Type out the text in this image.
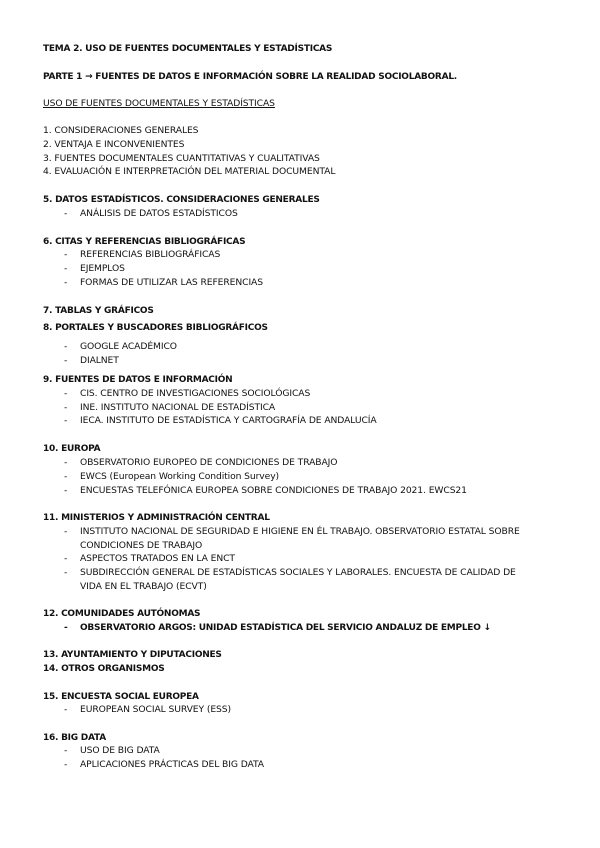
TEMA 2. USO DE FUENTES DOCUMENTALES Y ESTADÍSTICAS
PARTE 1 → FUENTES DE DATOS E INFORMACIÓN SOBRE LA REALIDAD SOCIOLABORAL.
USO DE FUENTES DOCUMENTALES Y ESTADÍSTICAS
1. CONSIDERACIONES GENERALES
2. VENTAJA E INCONVENIENTES
3. FUENTES DOCUMENTALES CUANTITATIVAS Y CUALITATIVAS
4. EVALUACIÓN E INTERPRETACIÓN DEL MATERIAL DOCUMENTAL
5. DATOS ESTADÍSTICOS. CONSIDERACIONES GENERALES
- ANÁLISIS DE DATOS ESTADÍSTICOS
6. CITAS Y REFERENCIAS BIBLIOGRÁFICAS
- REFERENCIAS BIBLIOGRÁFICAS
- EJEMPLOS
- FORMAS DE UTILIZAR LAS REFERENCIAS
7. TABLAS Y GRÁFICOS
8. PORTALES Y BUSCADORES BIBLIOGRÁFICOS
- GOOGLE ACADÉMICO
- DIALNET
9. FUENTES DE DATOS E INFORMACIÓN
- CIS. CENTRO DE INVESTIGACIONES SOCIOLÓGICAS
- INE. INSTITUTO NACIONAL DE ESTADÍSTICA
- IECA. INSTITUTO DE ESTADÍSTICA Y CARTOGRAFÍA DE ANDALUCÍA
10. EUROPA
- OBSERVATORIO EUROPEO DE CONDICIONES DE TRABAJO
- EWCS (European Working Condition Survey)
- ENCUESTAS TELEFÓNICA EUROPEA SOBRE CONDICIONES DE TRABAJO 2021. EWCS21
11. MINISTERIOS Y ADMINISTRACIÓN CENTRAL
- INSTITUTO NACIONAL DE SEGURIDAD E HIGIENE EN ÉL TRABAJO. OBSERVATORIO ESTATAL SOBRE
CONDICIONES DE TRABAJO
- ASPECTOS TRATADOS EN LA ENCT
- SUBDIRECCIÓN GENERAL DE ESTADÍSTICAS SOCIALES Y LABORALES. ENCUESTA DE CALIDAD DE
VIDA EN EL TRABAJO (ECVT)
12. COMUNIDADES AUTÓNOMAS
- OBSERVATORIO ARGOS: UNIDAD ESTADÍSTICA DEL SERVICIO ANDALUZ DE EMPLEO ↓
13. AYUNTAMIENTO Y DIPUTACIONES
14. OTROS ORGANISMOS
15. ENCUESTA SOCIAL EUROPEA
- EUROPEAN SOCIAL SURVEY (ESS)
16. BIG DATA
- USO DE BIG DATA
- APLICACIONES PRÁCTICAS DEL BIG DATA
